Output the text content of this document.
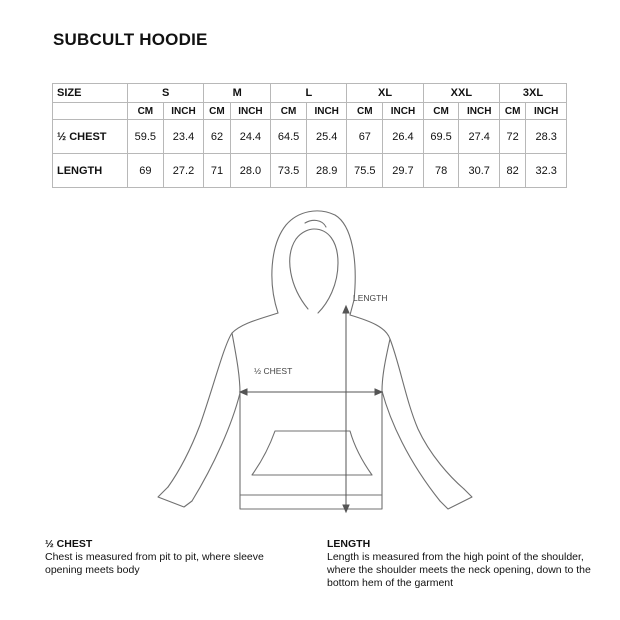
SUBCULT HOODIE
SIZE	S		M		L		XL		XXL		3XL	
	CM	INCH	CM	INCH	CM	INCH	CM	INCH	CM	INCH	CM	INCH
½ CHEST	59.5	23.4	62	24.4	64.5	25.4	67	26.4	69.5	27.4	72	28.3
LENGTH	69	27.2	71	28.0	73.5	28.9	75.5	29.7	78	30.7	82	32.3
LENGTH
½ CHEST
½ CHEST
Chest is measured from pit to pit, where sleeve opening meets body
LENGTH
Length is measured from the high point of the shoulder, where the shoulder meets the neck opening, down to the bottom hem of the garment
